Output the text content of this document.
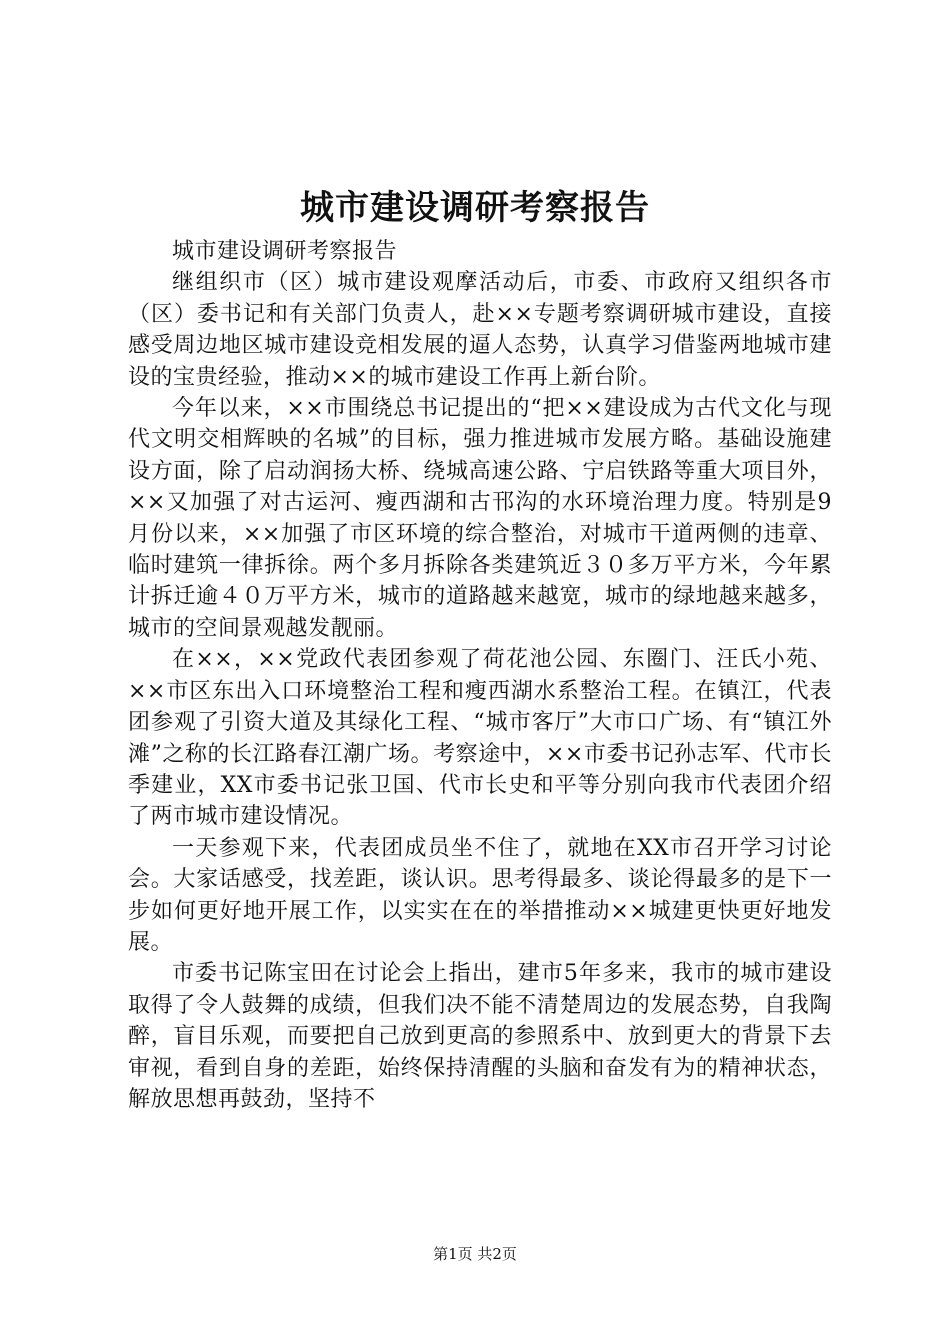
城市建设调研考察报告

城市建设调研考察报告

继组织市（区）城市建设观摩活动后，市委、市政府又组织各市（区）委书记和有关部门负责人，赴××专题考察调研城市建设，直接感受周边地区城市建设竞相发展的逼人态势，认真学习借鉴两地城市建设的宝贵经验，推动××的城市建设工作再上新台阶。

今年以来，××市围绕总书记提出的“把××建设成为古代文化与现代文明交相辉映的名城”的目标，强力推进城市发展方略。基础设施建设方面，除了启动润扬大桥、绕城高速公路、宁启铁路等重大项目外，××又加强了对古运河、瘦西湖和古邗沟的水环境治理力度。特别是9月份以来，××加强了市区环境的综合整治，对城市干道两侧的违章、临时建筑一律拆徐。两个多月拆除各类建筑近３０多万平方米，今年累计拆迁逾４０万平方米，城市的道路越来越宽，城市的绿地越来越多，城市的空间景观越发靓丽。

在××，××党政代表团参观了荷花池公园、东圈门、汪氏小苑、××市区东出入口环境整治工程和瘦西湖水系整治工程。在镇江，代表团参观了引资大道及其绿化工程、“城市客厅”大市口广场、有“镇江外滩”之称的长江路春江潮广场。考察途中，××市委书记孙志军、代市长季建业，XX市委书记张卫国、代市长史和平等分别向我市代表团介绍了两市城市建设情况。

一天参观下来，代表团成员坐不住了，就地在XX市召开学习讨论会。大家话感受，找差距，谈认识。思考得最多、谈论得最多的是下一步如何更好地开展工作，以实实在在的举措推动××城建更快更好地发展。

市委书记陈宝田在讨论会上指出，建市5年多来，我市的城市建设取得了令人鼓舞的成绩，但我们决不能不清楚周边的发展态势，自我陶醉，盲目乐观，而要把自己放到更高的参照系中、放到更大的背景下去审视，看到自身的差距，始终保持清醒的头脑和奋发有为的精神状态，解放思想再鼓劲，坚持不

第1页 共2页
